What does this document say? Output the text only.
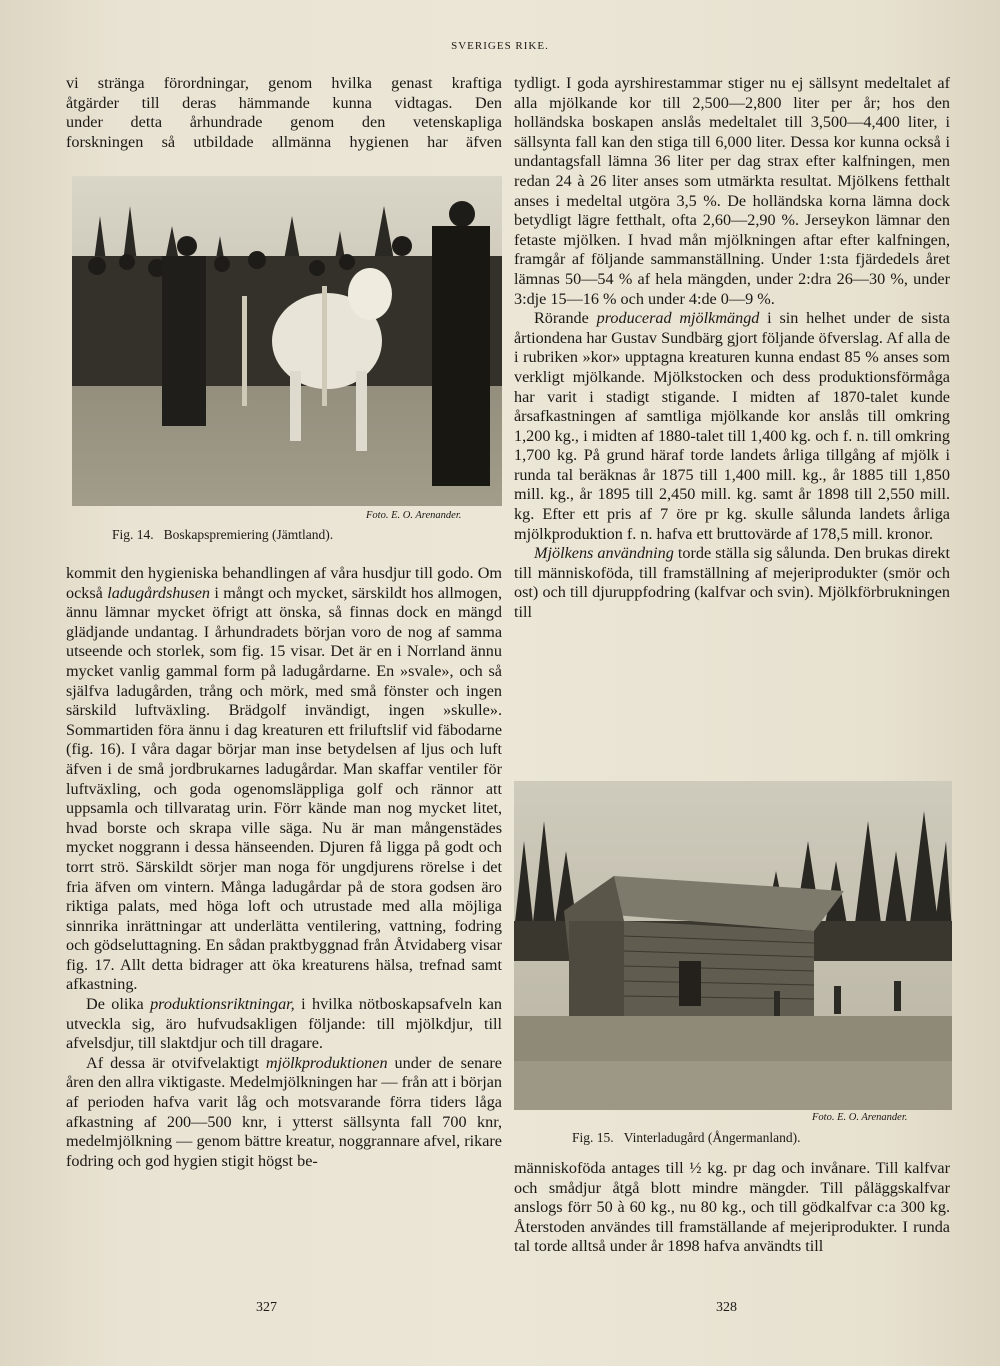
SVERIGES RIKE.

vi stränga förordningar, genom hvilka genast kraftiga

åtgärder till deras hämmande kunna vidtagas. Den

under detta århundrade genom den vetenskapliga

forskningen så utbildade allmänna hygienen har äfven

Foto. E. O. Arenander.
Fig. 14. Boskapspremiering (Jämtland).

kommit den hygieniska behandlingen af våra husdjur till godo. Om också ladugårdshusen i mångt och mycket, särskildt hos allmogen, ännu lämnar mycket öfrigt att önska, så finnas dock en mängd glädjande undantag. I århundradets början voro de nog af samma utseende och storlek, som fig. 15 visar. Det är en i Norrland ännu mycket vanlig gammal form på ladugårdarne. En »svale», och så själfva ladugården, trång och mörk, med små fönster och ingen särskild luftväxling. Brädgolf invändigt, ingen »skulle». Sommartiden föra ännu i dag kreaturen ett friluftslif vid fäbodarne (fig. 16). I våra dagar börjar man inse betydelsen af ljus och luft äfven i de små jordbrukarnes ladugårdar. Man skaffar ventiler för luftväxling, och goda ogenomsläppliga golf och rännor att uppsamla och tillvaratag urin. Förr kände man nog mycket litet, hvad borste och skrapa ville säga. Nu är man mångenstädes mycket noggrann i dessa hänseenden. Djuren få ligga på godt och torrt strö. Särskildt sörjer man noga för ungdjurens rörelse i det fria äfven om vintern. Många ladugårdar på de stora godsen äro riktiga palats, med höga loft och utrustade med alla möjliga sinnrika inrättningar att underlätta ventilering, vattning, fodring och gödseluttagning. En sådan praktbyggnad från Åtvidaberg visar fig. 17. Allt detta bidrager att öka kreaturens hälsa, trefnad samt afkastning.

De olika produktionsriktningar, i hvilka nötboskapsafveln kan utveckla sig, äro hufvudsakligen följande: till mjölkdjur, till afvelsdjur, till slaktdjur och till dragare.

Af dessa är otvifvelaktigt mjölkproduktionen under de senare åren den allra viktigaste. Medelmjölkningen har — från att i början af perioden hafva varit låg och motsvarande förra tiders låga afkastning af 200—500 knr, i ytterst sällsynta fall 700 knr, medelmjölkning — genom bättre kreatur, noggrannare afvel, rikare fodring och god hygien stigit högst be-

tydligt. I goda ayrshirestammar stiger nu ej sällsynt medeltalet af alla mjölkande kor till 2,500—2,800 liter per år; hos den holländska boskapen anslås medeltalet till 3,500—4,400 liter, i sällsynta fall kan den stiga till 6,000 liter. Dessa kor kunna också i undantagsfall lämna 36 liter per dag strax efter kalfningen, men redan 24 à 26 liter anses som utmärkta resultat. Mjölkens fetthalt anses i medeltal utgöra 3,5 %. De holländska korna lämna dock betydligt lägre fetthalt, ofta 2,60—2,90 %. Jerseykon lämnar den fetaste mjölken. I hvad mån mjölkningen aftar efter kalfningen, framgår af följande sammanställning. Under 1:sta fjärdedels året lämnas 50—54 % af hela mängden, under 2:dra 26—30 %, under 3:dje 15—16 % och under 4:de 0—9 %.

Rörande producerad mjölkmängd i sin helhet under de sista årtiondena har Gustav Sundbärg gjort följande öfverslag. Af alla de i rubriken »kor» upptagna kreaturen kunna endast 85 % anses som verkligt mjölkande. Mjölkstocken och dess produktionsförmåga har varit i stadigt stigande. I midten af 1870-talet kunde årsafkastningen af samtliga mjölkande kor anslås till omkring 1,200 kg., i midten af 1880-talet till 1,400 kg. och f. n. till omkring 1,700 kg. På grund häraf torde landets årliga tillgång af mjölk i runda tal beräknas år 1875 till 1,400 mill. kg., år 1885 till 1,850 mill. kg., år 1895 till 2,450 mill. kg. samt år 1898 till 2,550 mill. kg. Efter ett pris af 7 öre pr kg. skulle sålunda landets årliga mjölkproduktion f. n. hafva ett bruttovärde af 178,5 mill. kronor.

Mjölkens användning torde ställa sig sålunda. Den brukas direkt till människoföda, till framställning af mejeriprodukter (smör och ost) och till djuruppfodring (kalfvar och svin). Mjölkförbrukningen till

Foto. E. O. Arenander.
Fig. 15. Vinterladugård (Ångermanland).

människoföda antages till ½ kg. pr dag och invånare. Till kalfvar och smådjur åtgå blott mindre mängder. Till påläggskalfvar anslogs förr 50 à 60 kg., nu 80 kg., och till gödkalfvar c:a 300 kg. Återstoden användes till framställande af mejeriprodukter. I runda tal torde alltså under år 1898 hafva användts till

327	328
